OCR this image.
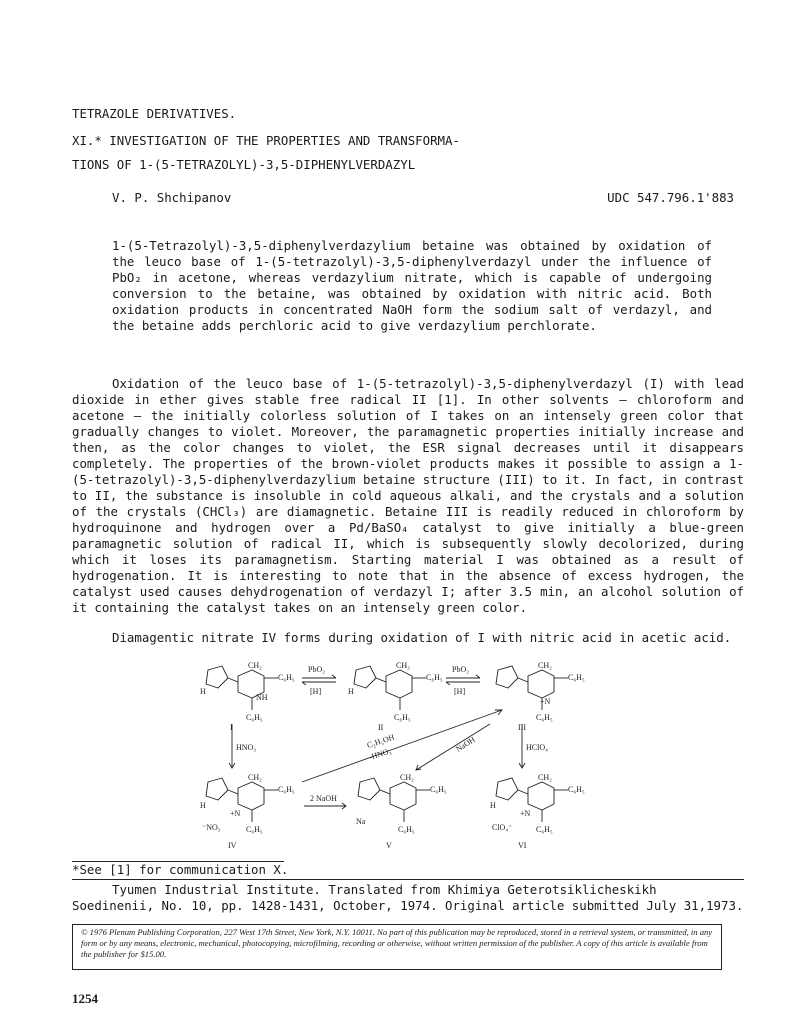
TETRAZOLE DERIVATIVES.
XI.* INVESTIGATION OF THE PROPERTIES AND TRANSFORMA-
TIONS OF 1-(5-TETRAZOLYL)-3,5-DIPHENYLVERDAZYL
V. P. Shchipanov	UDC 547.796.1'883
1-(5-Tetrazolyl)-3,5-diphenylverdazylium betaine was obtained by oxidation of the leuco base of 1-(5-tetrazolyl)-3,5-diphenylverdazyl under the influence of PbO₂ in acetone, whereas verdazylium nitrate, which is capable of undergoing conversion to the betaine, was obtained by oxidation with nitric acid. Both oxidation products in concentrated NaOH form the sodium salt of verdazyl, and the betaine adds perchloric acid to give verdazylium perchlorate.

Oxidation of the leuco base of 1-(5-tetrazolyl)-3,5-diphenylverdazyl (I) with lead dioxide in ether gives stable free radical II [1]. In other solvents — chloroform and acetone — the initially colorless solution of I takes on an intensely green color that gradually changes to violet. Moreover, the paramagnetic properties initially increase and then, as the color changes to violet, the ESR signal decreases until it disappears completely. The properties of the brown-violet products makes it possible to assign a 1-(5-tetrazolyl)-3,5-diphenylverdazylium betaine structure (III) to it. In fact, in contrast to II, the substance is insoluble in cold aqueous alkali, and the crystals and a solution of the crystals (CHCl₃) are diamagnetic. Betaine III is readily reduced in chloroform by hydroquinone and hydrogen over a Pd/BaSO₄ catalyst to give initially a blue-green paramagnetic solution of radical II, which is subsequently slowly decolorized, during which it loses its paramagnetism. Starting material I was obtained as a result of hydrogenation. It is interesting to note that in the absence of excess hydrogen, the catalyst used causes dehydrogenation of verdazyl I; after 3.5 min, an alcohol solution of it containing the catalyst takes on an intensely green color.

Diamagentic nitrate IV forms during oxidation of I with nitric acid in acetic acid.
PbO₂
[H]
PbO₂
[H]
HNO₃	C₂H₅OH
-HNO₃
NaOH	HClO₄
2 NaOH
CH₂
C₆H₅
NH
C₆H₅
H
CH₂
C₆H₅
C₆H₅
H
CH₂
C₆H₅
C₆H₅
+N
CH₂
C₆H₅
⁻NO₃	C₆H₅
H
+N
CH₂
C₆H₅
Na
C₆H₅
CH₂
C₆H₅
ClO₄⁻	C₆H₅
H
+N
I	II	III
IV	V	VI
*See [1] for communication X.
Tyumen Industrial Institute. Translated from Khimiya Geterotsiklicheskikh Soedinenii, No. 10, pp. 1428-1431, October, 1974. Original article submitted July 31,1973.
© 1976 Plenum Publishing Corporation, 227 West 17th Street, New York, N.Y. 10011. No part of this publication may be reproduced, stored in a retrieval system, or transmitted, in any form or by any means, electronic, mechanical, photocopying, microfilming, recording or otherwise, without written permission of the publisher. A copy of this article is available from the publisher for $15.00.
1254
